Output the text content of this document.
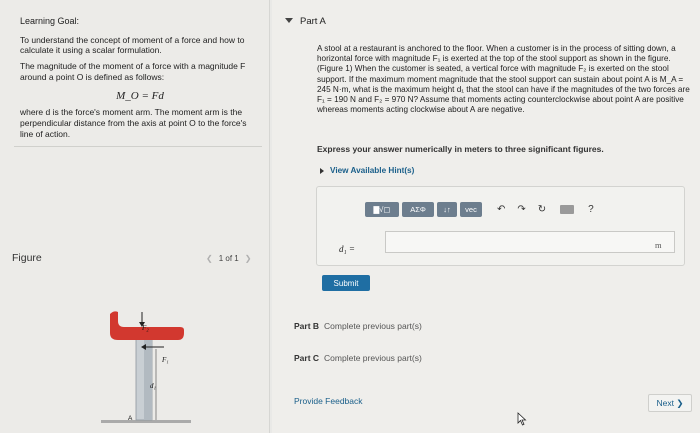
Learning Goal:

To understand the concept of moment of a force and how to calculate it using a scalar formulation.

The magnitude of the moment of a force with a magnitude F around a point O is defined as follows:

M_O = Fd

where d is the force's moment arm. The moment arm is the perpendicular distance from the axis at point O to the force's line of action.

Figure	❮ 1 of 1 ❯
F₂
F₁
d₁
A
Part A
A stool at a restaurant is anchored to the floor. When a customer is in the process of sitting down, a horizontal force with magnitude F₁ is exerted at the top of the stool support as shown in the figure. (Figure 1) When the customer is seated, a vertical force with magnitude F₂ is exerted on the stool support. If the maximum moment magnitude that the stool support can sustain about point A is M_A = 245 N·m, what is the maximum height d₁ that the stool can have if the magnitudes of the two forces are F₁ = 190 N and F₂ = 970 N? Assume that moments acting counterclockwise about point A are positive whereas moments acting clockwise about A are negative.
Express your answer numerically in meters to three significant figures.
View Available Hint(s)
▇√▢	ΑΣΦ	↓↑	vec	↶ ↷ ↻	?
d₁ =	m
Submit
Part B Complete previous part(s)
Part C Complete previous part(s)
Provide Feedback	Next ❯
